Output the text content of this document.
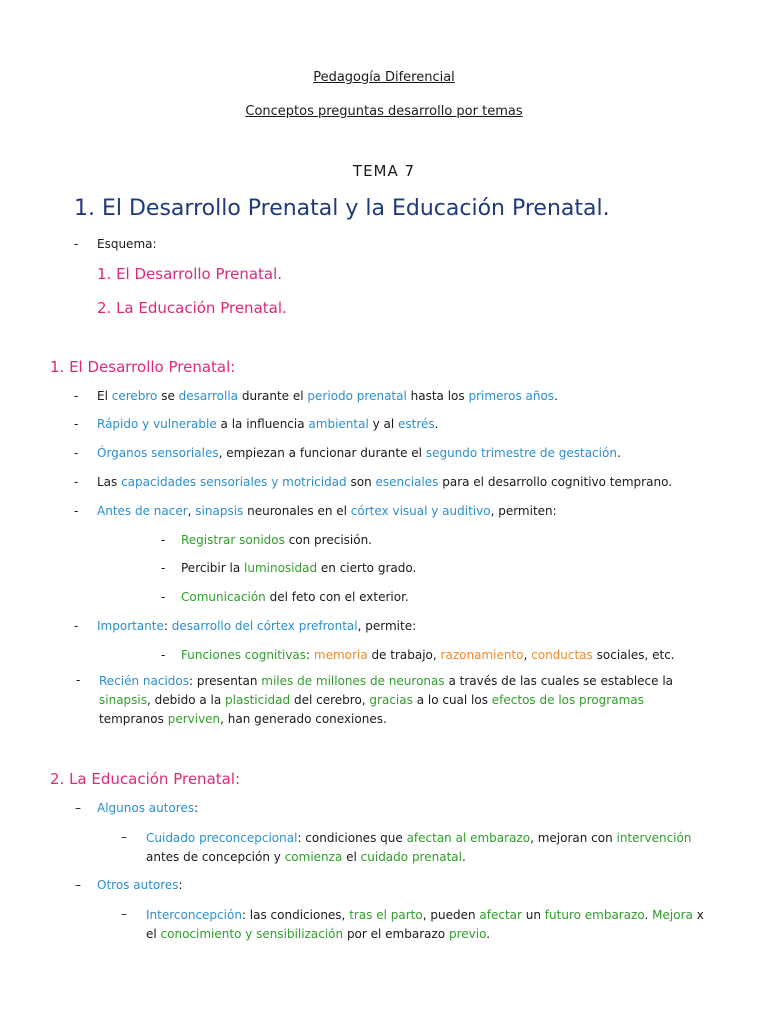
Pedagogía Diferencial
Conceptos preguntas desarrollo por temas
TEMA 7
1. El Desarrollo Prenatal y la Educación Prenatal.
- Esquema:
1. El Desarrollo Prenatal.
2. La Educación Prenatal.
1. El Desarrollo Prenatal:
- El cerebro se desarrolla durante el periodo prenatal hasta los primeros años.
- Rápido y vulnerable a la influencia ambiental y al estrés.
- Órganos sensoriales, empiezan a funcionar durante el segundo trimestre de gestación.
- Las capacidades sensoriales y motricidad son esenciales para el desarrollo cognitivo temprano.
- Antes de nacer, sinapsis neuronales en el córtex visual y auditivo, permiten:
- Registrar sonidos con precisión.
- Percibir la luminosidad en cierto grado.
- Comunicación del feto con el exterior.
- Importante: desarrollo del córtex prefrontal, permite:
- Funciones cognitivas: memoria de trabajo, razonamiento, conductas sociales, etc.
- Recién nacidos: presentan miles de millones de neuronas a través de las cuales se establece la sinapsis, debido a la plasticidad del cerebro, gracias a lo cual los efectos de los programas tempranos perviven, han generado conexiones.

2. La Educación Prenatal:
– Algunos autores:
– Cuidado preconcepcional: condiciones que afectan al embarazo, mejoran con intervención antes de concepción y comienza el cuidado prenatal.

– Otros autores:
– Interconcepción: las condiciones, tras el parto, pueden afectar un futuro embarazo. Mejora x el conocimiento y sensibilización por el embarazo previo.
